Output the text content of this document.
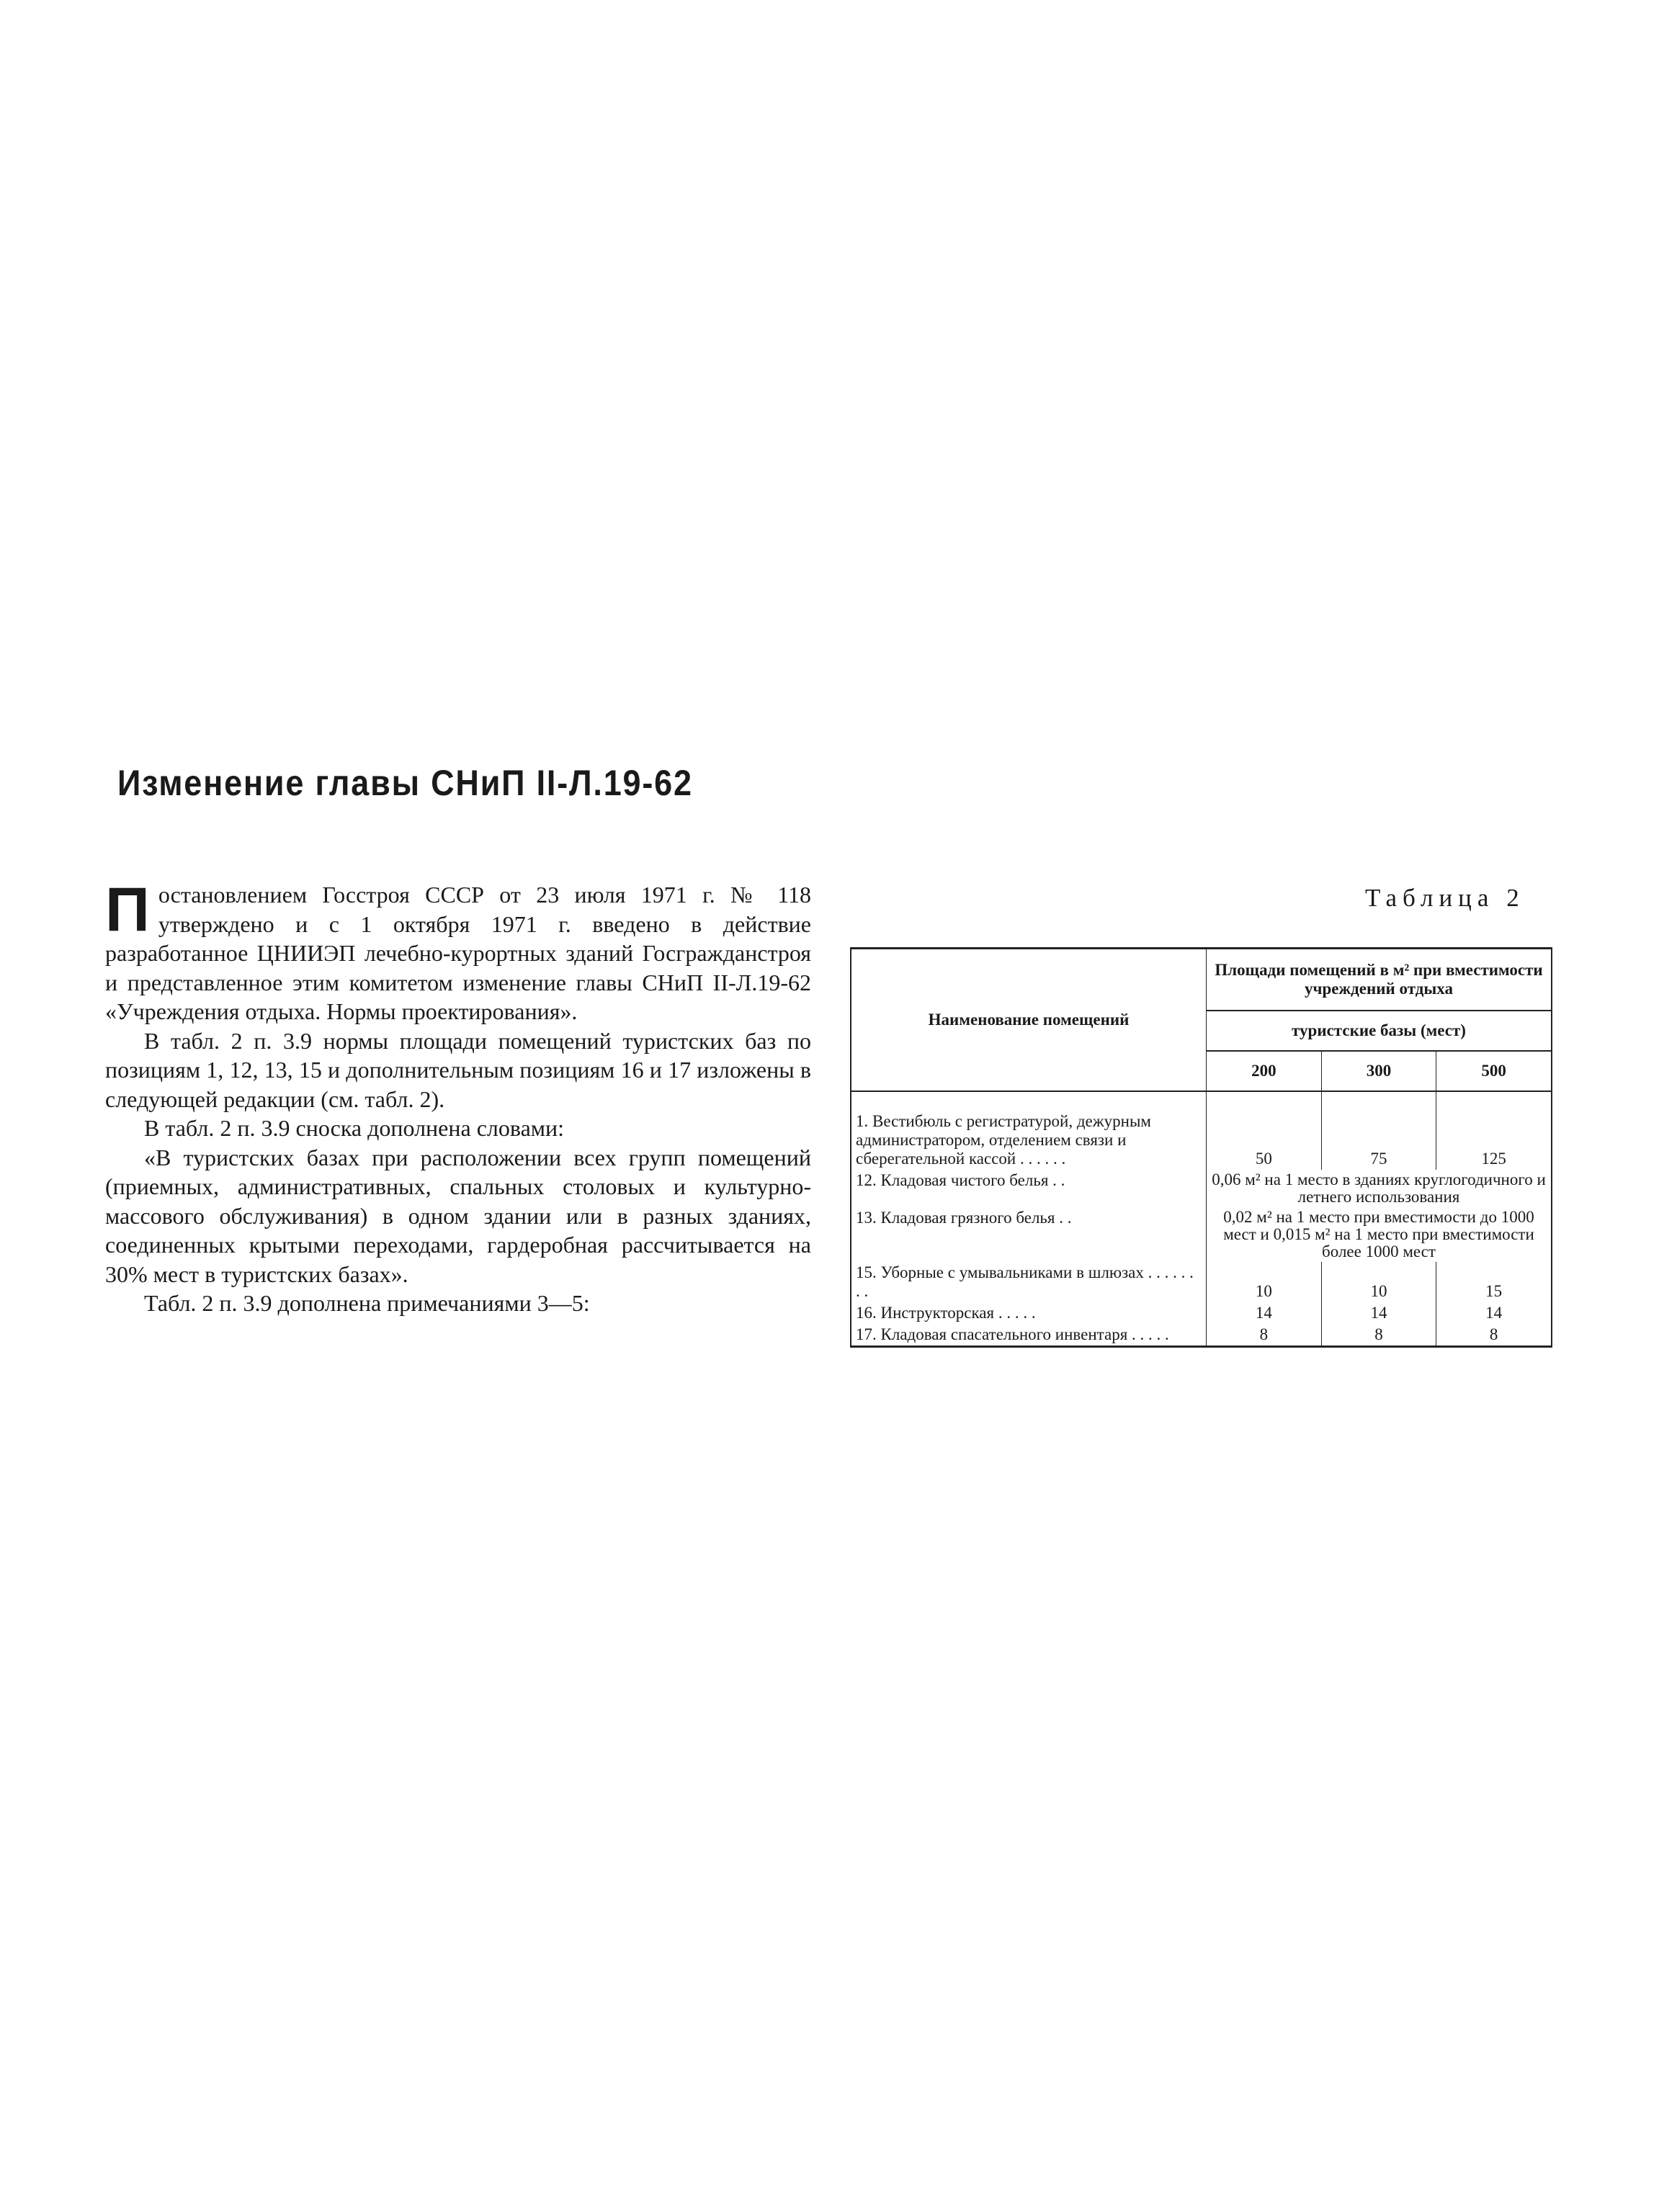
Изменение главы СНиП II-Л.19-62

Постановлением Госстроя СССР от 23 июля 1971 г. № 118 утверждено и с 1 октября 1971 г. введено в действие разработанное ЦНИИЭП лечебно-курортных зданий Госгражданстроя и представленное этим комитетом изменение главы СНиП II-Л.19-62 «Учреждения отдыха. Нормы проектирования».

В табл. 2 п. 3.9 нормы площади помещений туристских баз по позициям 1, 12, 13, 15 и дополнительным позициям 16 и 17 изложены в следующей редакции (см. табл. 2).

В табл. 2 п. 3.9 сноска дополнена словами:

«В туристских базах при расположении всех групп помещений (приемных, административных, спальных столовых и культурно-массового обслуживания) в одном здании или в разных зданиях, соединенных крытыми переходами, гардеробная рассчитывается на 30% мест в туристских базах».

Табл. 2 п. 3.9 дополнена примечаниями 3—5:

Таблица 2
Наименование помещений	Площади помещений в м² при вместимости учреждений отдыха		
	туристские базы (мест)		
	200	300	500

1. Вестибюль с регистратурой, дежурным администратором, отделением связи и сберегательной кассой . . . . . .	50	75	125
12. Кладовая чистого белья . .	0,06 м² на 1 место в зданиях круглогодичного и летнего использования		
13. Кладовая грязного белья . .	0,02 м² на 1 место при вместимости до 1000 мест и 0,015 м² на 1 место при вместимости более 1000 мест		
15. Уборные с умывальниками в шлюзах . . . . . . . .	10	10	15
16. Инструкторская . . . . .	14	14	14
17. Кладовая спасательного инвентаря . . . . .	8	8	8
